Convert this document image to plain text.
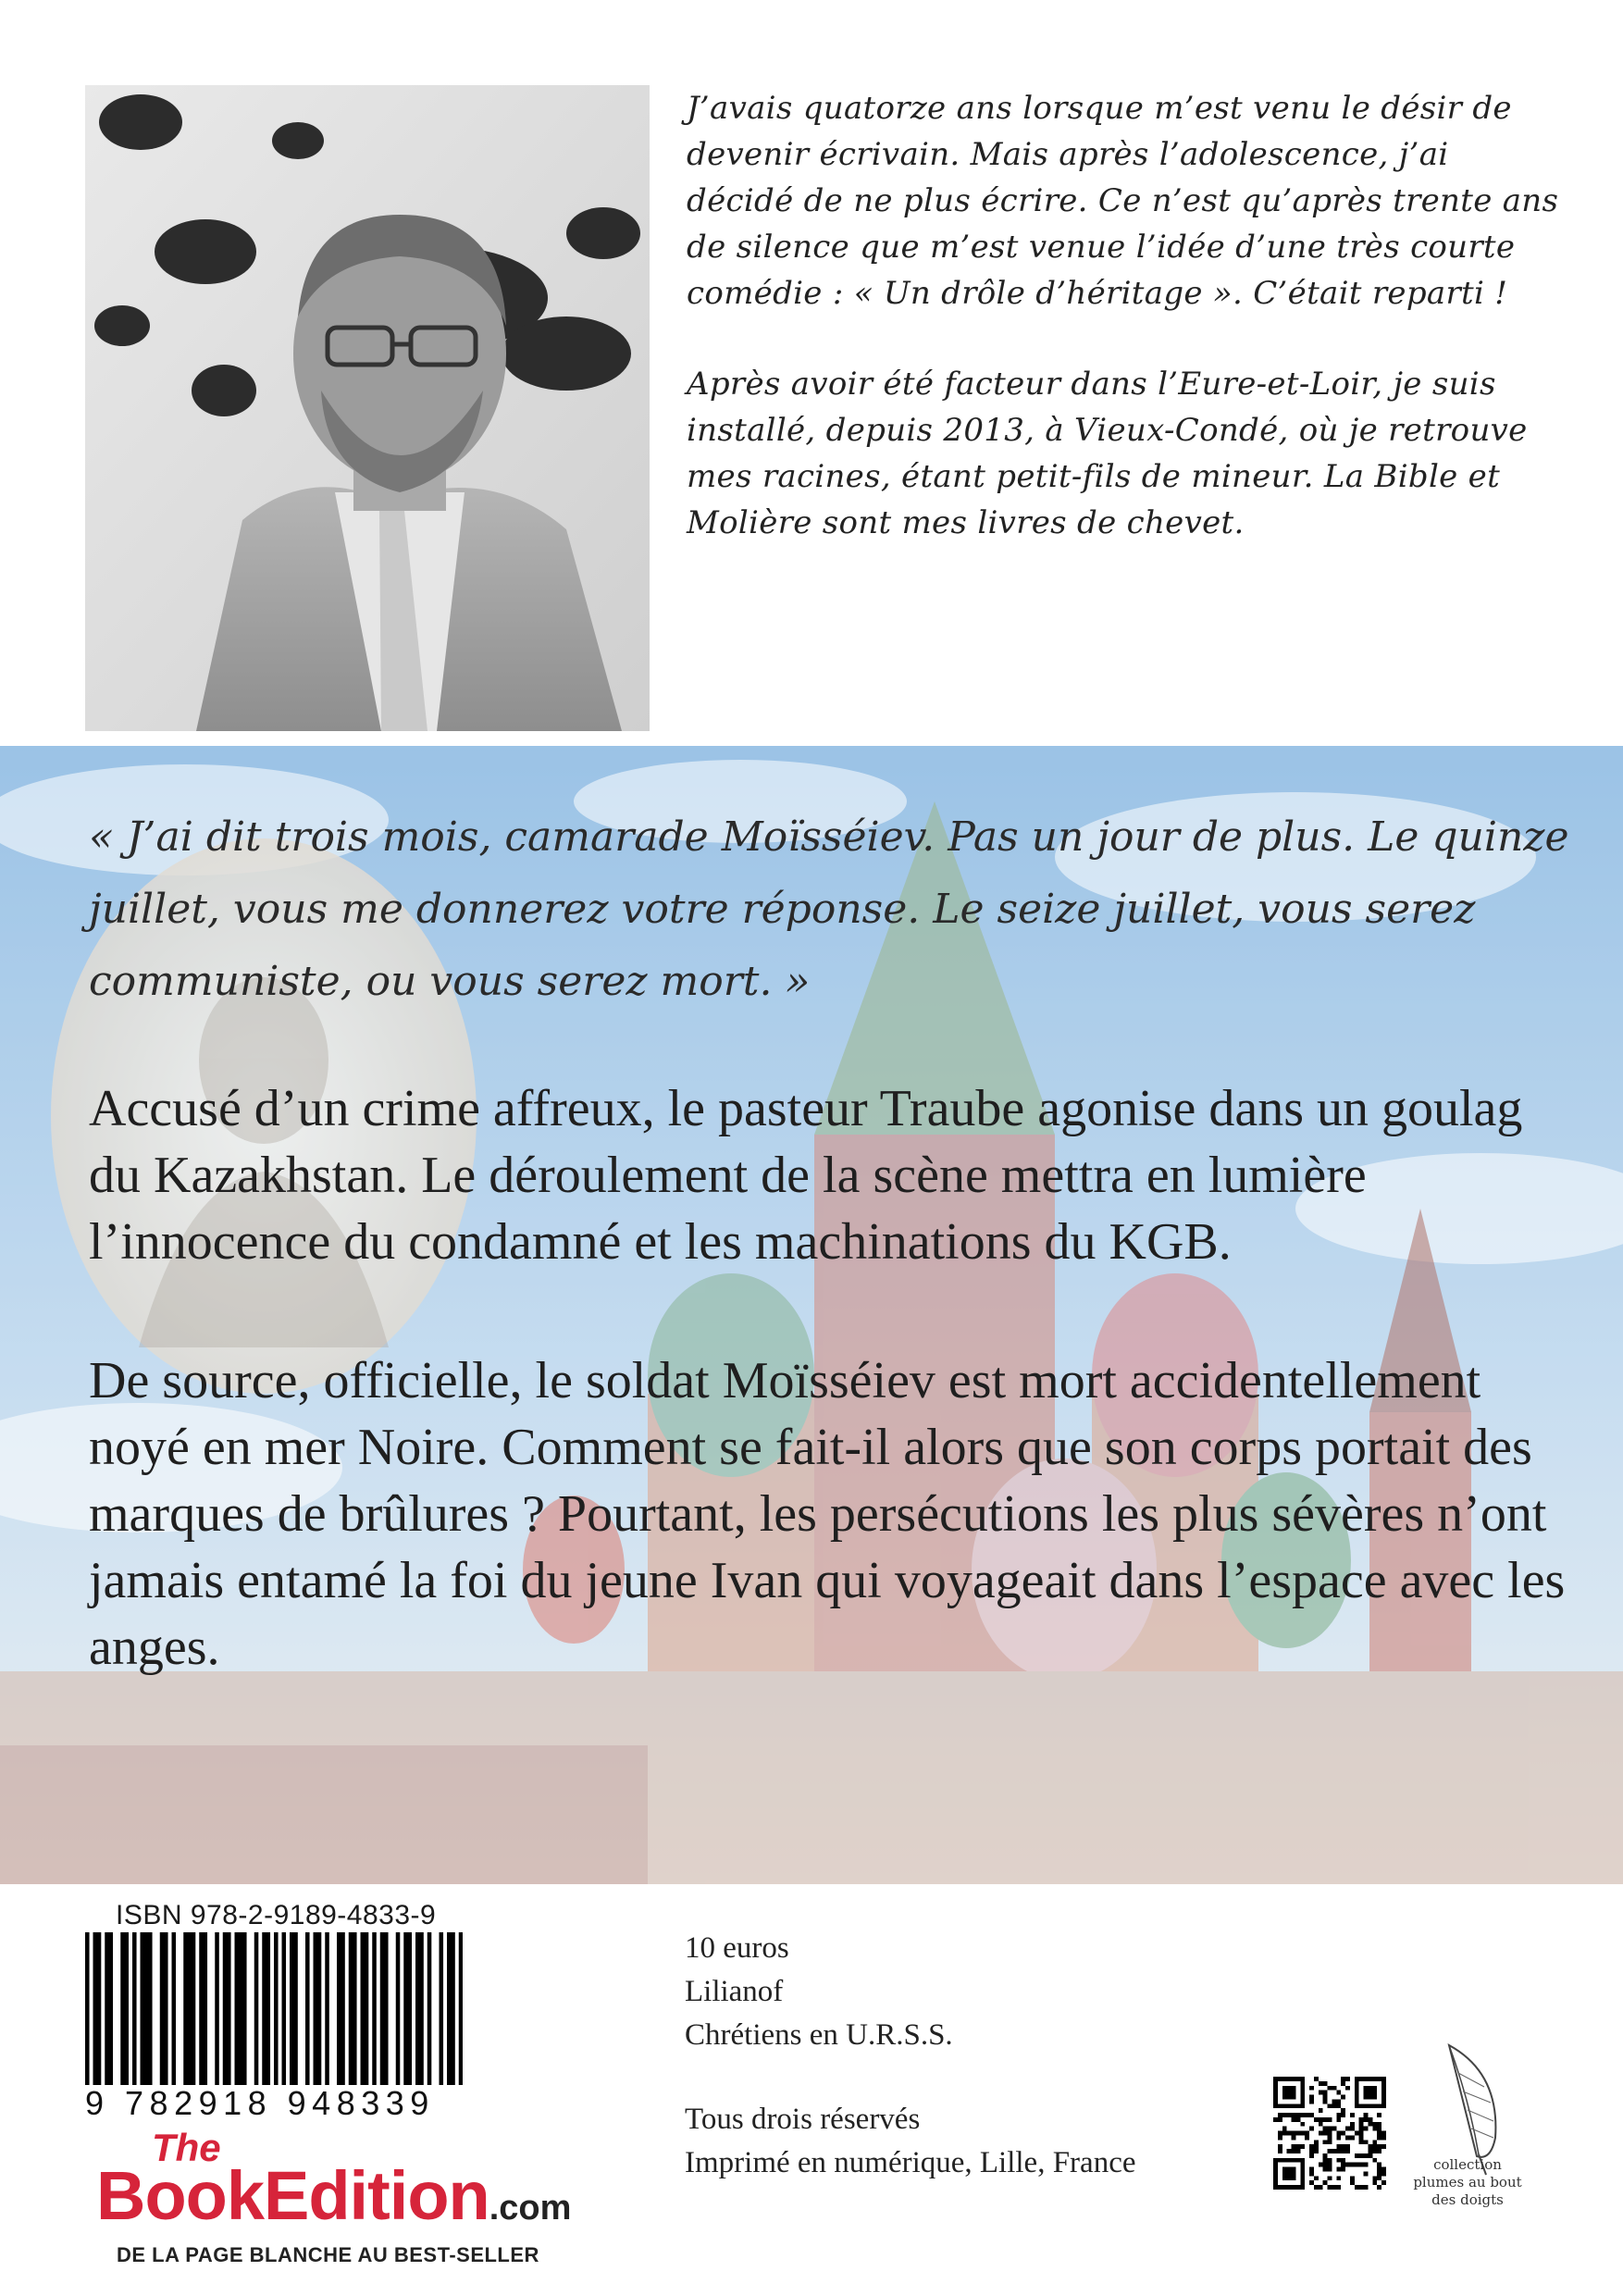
J’avais quatorze ans lorsque m’est venu le désir de devenir écrivain. Mais après l’adolescence, j’ai décidé de ne plus écrire. Ce n’est qu’après trente ans de silence que m’est venue l’idée d’une très courte comédie : « Un drôle d’héritage ». C’était reparti !

Après avoir été facteur dans l’Eure-et-Loir, je suis installé, depuis 2013, à Vieux-Condé, où je retrouve mes racines, étant petit-fils de mineur. La Bible et Molière sont mes livres de chevet.

« J’ai dit trois mois, camarade Moïsséiev. Pas un jour de plus. Le quinze juillet, vous me donnerez votre réponse. Le seize juillet, vous serez communiste, ou vous serez mort. »

Accusé d’un crime affreux, le pasteur Traube agonise dans un goulag du Kazakhstan. Le déroulement de la scène mettra en lumière l’innocence du condamné et les machinations du KGB.

De source, officielle, le soldat Moïsséiev est mort accidentellement noyé en mer Noire. Comment se fait-il alors que son corps portait des marques de brûlures ? Pourtant, les persécutions les plus sévères n’ont jamais entamé la foi du jeune Ivan qui voyageait dans l’espace avec les anges.

ISBN 978-2-9189-4833-9
9 782918 948339
The
BookEdition.com
DE LA PAGE BLANCHE AU BEST-SELLER
10 euros
Lilianof
Chrétiens en U.R.S.S.
Tous drois réservés
Imprimé en numérique, Lille, France	collection plumes au bout des doigts
